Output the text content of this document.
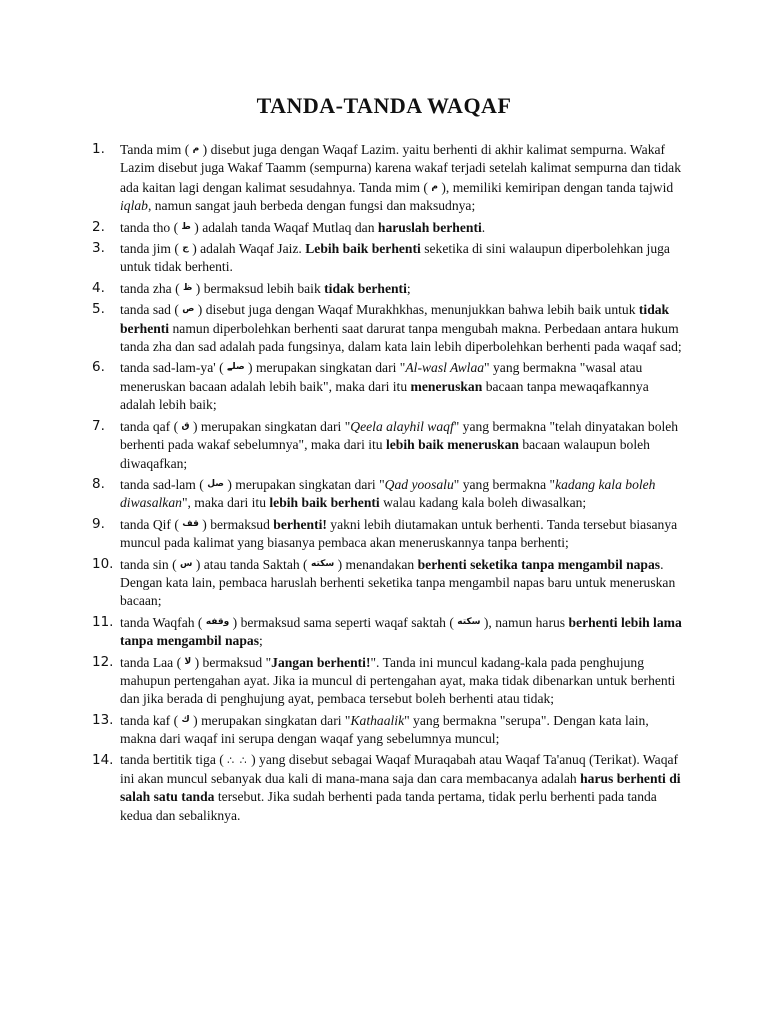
TANDA-TANDA WAQAF
1. Tanda mim ( $^م$ ) disebut juga dengan Waqaf Lazim. yaitu berhenti di akhir kalimat sempurna. Wakaf Lazim disebut juga Wakaf Taamm (sempurna) karena wakaf terjadi setelah kalimat sempurna dan tidak ada kaitan lagi dengan kalimat sesudahnya. Tanda mim ( $^م$ ), memiliki kemiripan dengan tanda tajwid iqlab, namun sangat jauh berbeda dengan fungsi dan maksudnya;
2. tanda tho ( $^ط$ ) adalah tanda Waqaf Mutlaq dan haruslah berhenti.
3. tanda jim ( $^ج$ ) adalah Waqaf Jaiz. Lebih baik berhenti seketika di sini walaupun diperbolehkan juga untuk tidak berhenti.
4. tanda zha ( $^ظ$ ) bermaksud lebih baik tidak berhenti;
5. tanda sad ( $^ص$ ) disebut juga dengan Waqaf Murakhkhas, menunjukkan bahwa lebih baik untuk tidak berhenti namun diperbolehkan berhenti saat darurat tanpa mengubah makna. Perbedaan antara hukum tanda zha dan sad adalah pada fungsinya, dalam kata lain lebih diperbolehkan berhenti pada waqaf sad;
6. tanda sad-lam-ya' ( $^{صلے}$ ) merupakan singkatan dari "Al-wasl Awlaa" yang bermakna "wasal atau meneruskan bacaan adalah lebih baik", maka dari itu meneruskan bacaan tanpa mewaqafkannya adalah lebih baik;
7. tanda qaf ( $^ق$ ) merupakan singkatan dari "Qeela alayhil waqf" yang bermakna "telah dinyatakan boleh berhenti pada wakaf sebelumnya", maka dari itu lebih baik meneruskan bacaan walaupun boleh diwaqafkan;
8. tanda sad-lam ( $^{صل}$ ) merupakan singkatan dari "Qad yoosalu" yang bermakna "kadang kala boleh diwasalkan", maka dari itu lebih baik berhenti walau kadang kala boleh diwasalkan;
9. tanda Qif ( $^{قف}$ ) bermaksud berhenti! yakni lebih diutamakan untuk berhenti. Tanda tersebut biasanya muncul pada kalimat yang biasanya pembaca akan meneruskannya tanpa berhenti;
10. tanda sin ( $^س$ ) atau tanda Saktah ( $^{سكته}$ ) menandakan berhenti seketika tanpa mengambil napas. Dengan kata lain, pembaca haruslah berhenti seketika tanpa mengambil napas baru untuk meneruskan bacaan;
11. tanda Waqfah ( $^{وقفه}$ ) bermaksud sama seperti waqaf saktah ( $^{سكته}$ ), namun harus berhenti lebih lama tanpa mengambil napas;
12. tanda Laa ( $^{لا}$ ) bermaksud "Jangan berhenti!". Tanda ini muncul kadang-kala pada penghujung mahupun pertengahan ayat. Jika ia muncul di pertengahan ayat, maka tidak dibenarkan untuk berhenti dan jika berada di penghujung ayat, pembaca tersebut boleh berhenti atau tidak;
13. tanda kaf ( $^ك$ ) merupakan singkatan dari "Kathaalik" yang bermakna "serupa". Dengan kata lain, makna dari waqaf ini serupa dengan waqaf yang sebelumnya muncul;
14. tanda bertitik tiga ( ∴ ∴ ) yang disebut sebagai Waqaf Muraqabah atau Waqaf Ta'anuq (Terikat). Waqaf ini akan muncul sebanyak dua kali di mana-mana saja dan cara membacanya adalah harus berhenti di salah satu tanda tersebut. Jika sudah berhenti pada tanda pertama, tidak perlu berhenti pada tanda kedua dan sebaliknya.
